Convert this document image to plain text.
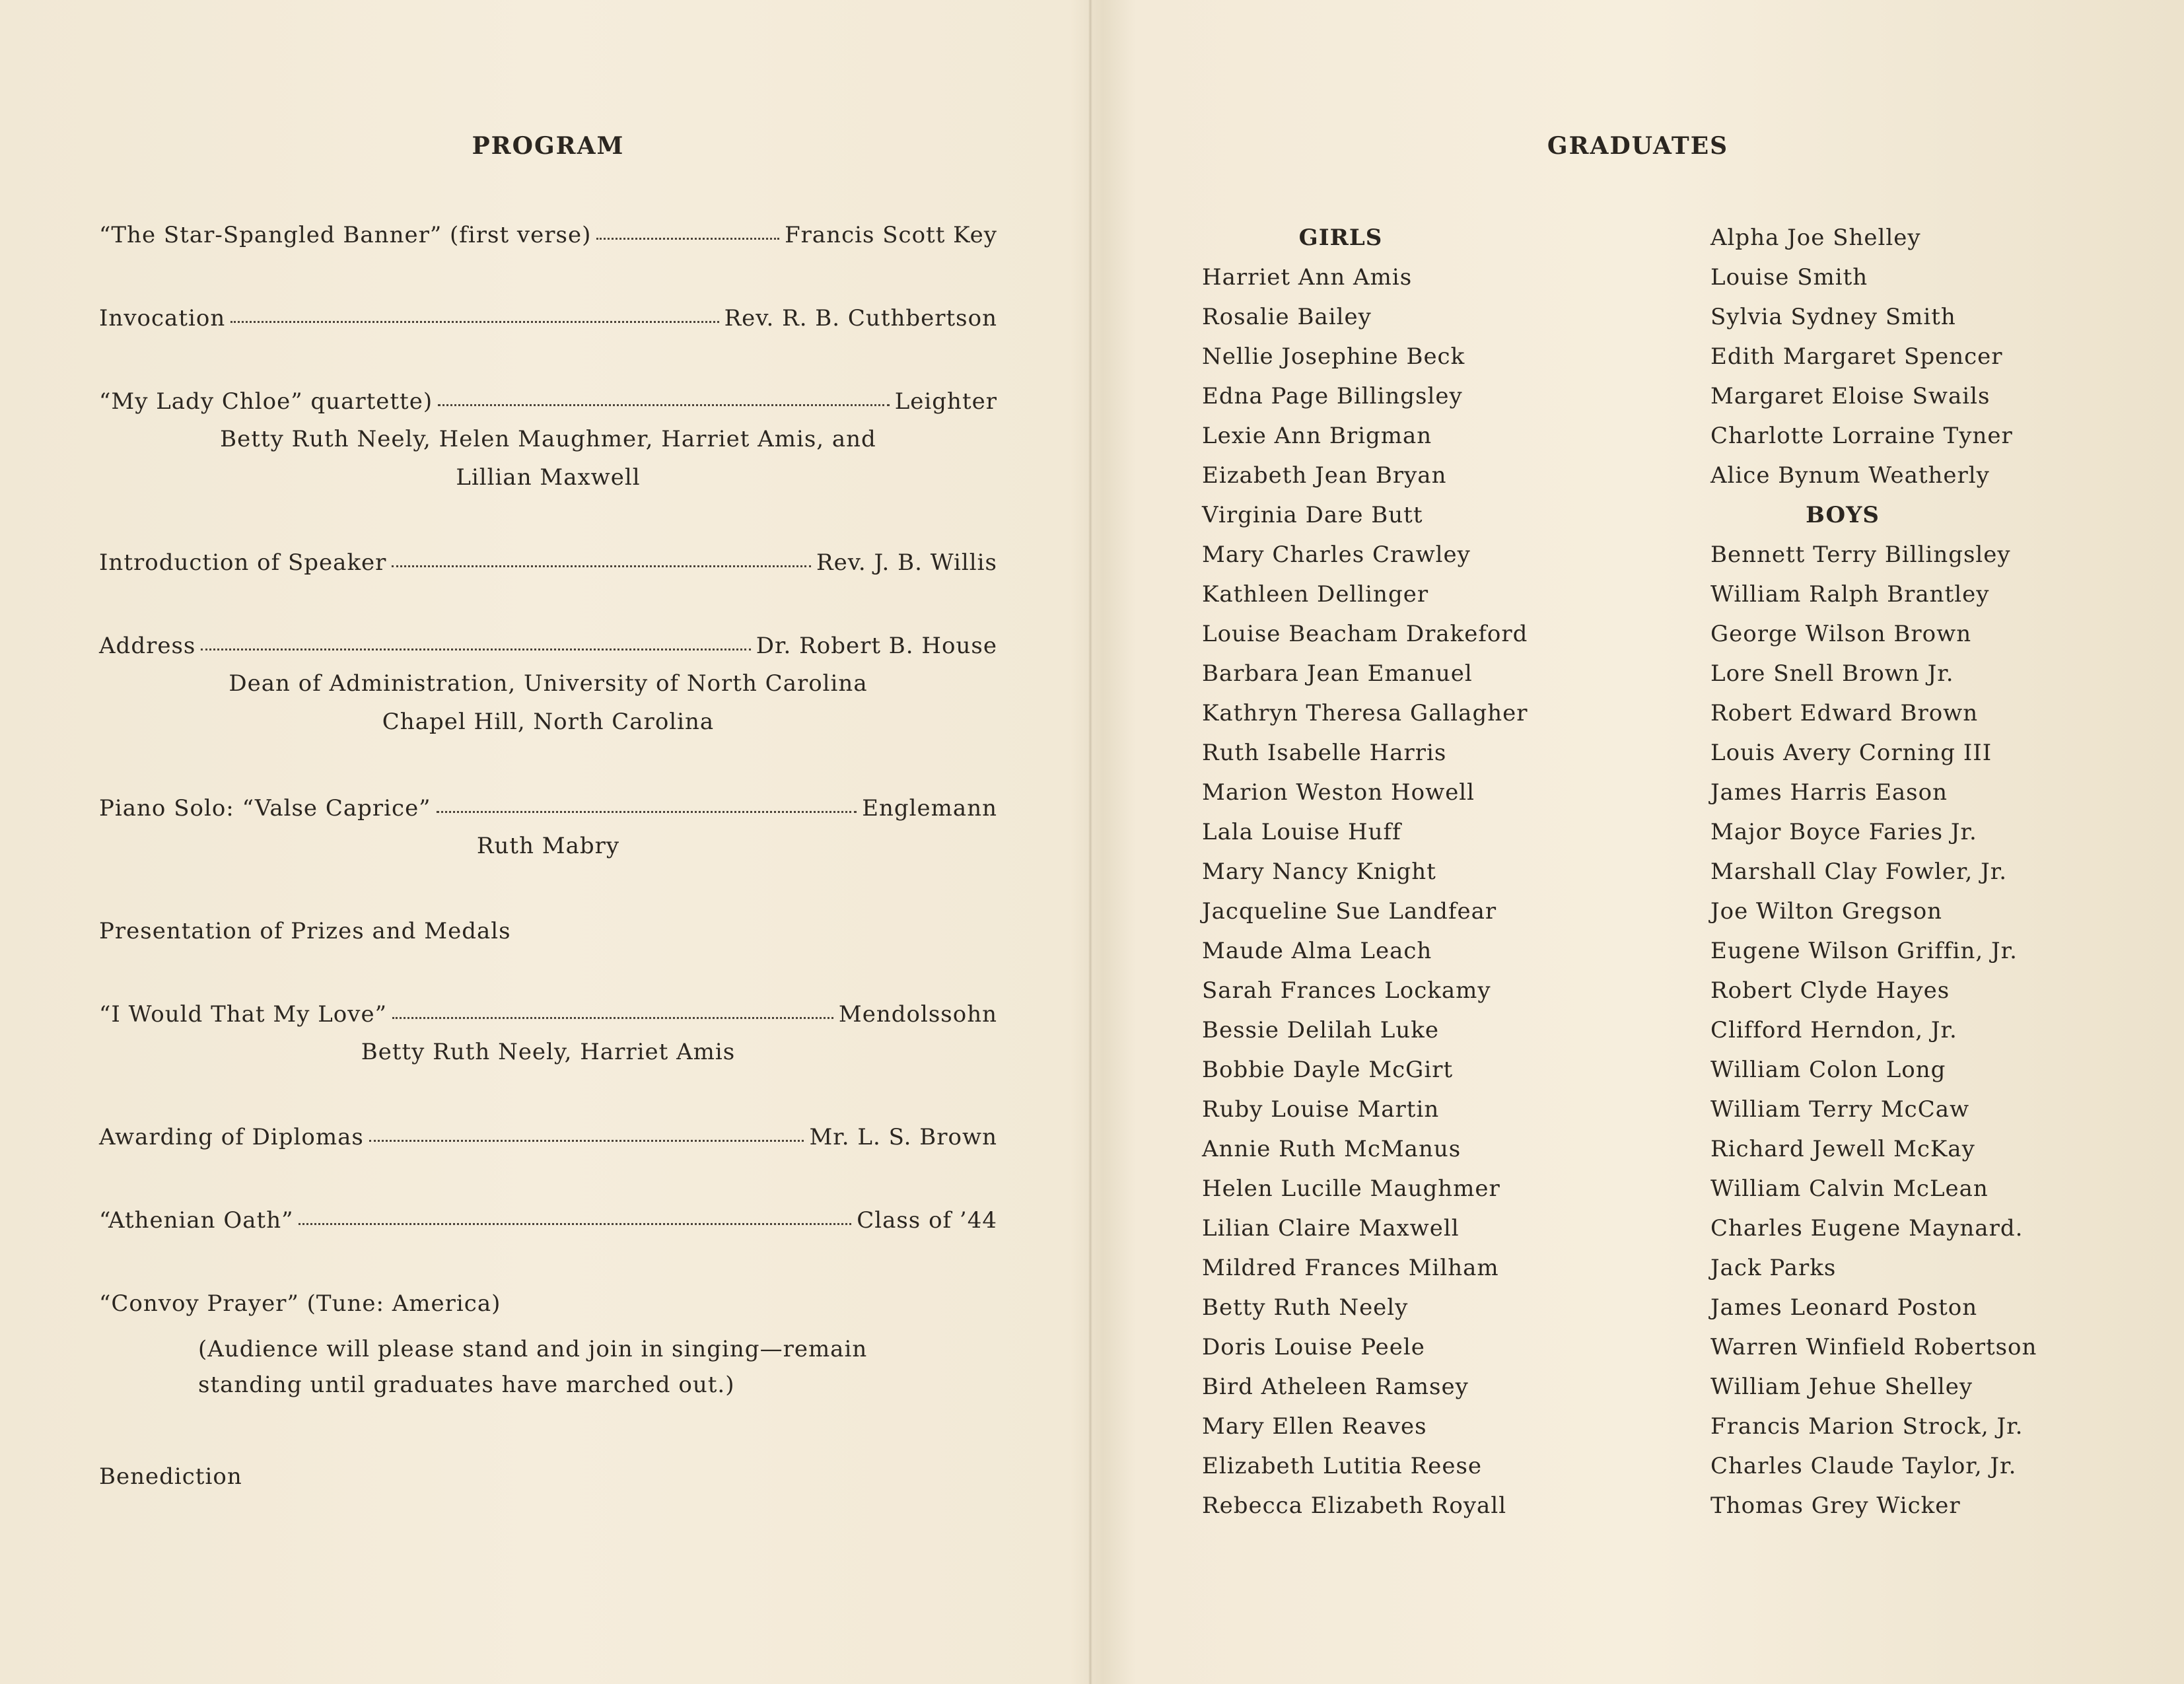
PROGRAM
“The Star-Spangled Banner” (first verse)	Francis Scott Key
Invocation	Rev. R. B. Cuthbertson
“My Lady Chloe” quartette)	Leighter
Betty Ruth Neely, Helen Maughmer, Harriet Amis, and
Lillian Maxwell
Introduction of Speaker	Rev. J. B. Willis
Address	Dr. Robert B. House
Dean of Administration, University of North Carolina
Chapel Hill, North Carolina
Piano Solo: “Valse Caprice”	Englemann
Ruth Mabry
Presentation of Prizes and Medals
“I Would That My Love”	Mendolssohn
Betty Ruth Neely, Harriet Amis
Awarding of Diplomas	Mr. L. S. Brown
“Athenian Oath”	Class of ’44
“Convoy Prayer” (Tune: America)
(Audience will please stand and join in singing—remain
standing until graduates have marched out.)
Benediction
GRADUATES
GIRLS
Harriet Ann Amis
Rosalie Bailey
Nellie Josephine Beck
Edna Page Billingsley
Lexie Ann Brigman
Eizabeth Jean Bryan
Virginia Dare Butt
Mary Charles Crawley
Kathleen Dellinger
Louise Beacham Drakeford
Barbara Jean Emanuel
Kathryn Theresa Gallagher
Ruth Isabelle Harris
Marion Weston Howell
Lala Louise Huff
Mary Nancy Knight
Jacqueline Sue Landfear
Maude Alma Leach
Sarah Frances Lockamy
Bessie Delilah Luke
Bobbie Dayle McGirt
Ruby Louise Martin
Annie Ruth McManus
Helen Lucille Maughmer
Lilian Claire Maxwell
Mildred Frances Milham
Betty Ruth Neely
Doris Louise Peele
Bird Atheleen Ramsey
Mary Ellen Reaves
Elizabeth Lutitia Reese
Rebecca Elizabeth Royall
Alpha Joe Shelley
Louise Smith
Sylvia Sydney Smith
Edith Margaret Spencer
Margaret Eloise Swails
Charlotte Lorraine Tyner
Alice Bynum Weatherly
BOYS
Bennett Terry Billingsley
William Ralph Brantley
George Wilson Brown
Lore Snell Brown Jr.
Robert Edward Brown
Louis Avery Corning III
James Harris Eason
Major Boyce Faries Jr.
Marshall Clay Fowler, Jr.
Joe Wilton Gregson
Eugene Wilson Griffin, Jr.
Robert Clyde Hayes
Clifford Herndon, Jr.
William Colon Long
William Terry McCaw
Richard Jewell McKay
William Calvin McLean
Charles Eugene Maynard.
Jack Parks
James Leonard Poston
Warren Winfield Robertson
William Jehue Shelley
Francis Marion Strock, Jr.
Charles Claude Taylor, Jr.
Thomas Grey Wicker
